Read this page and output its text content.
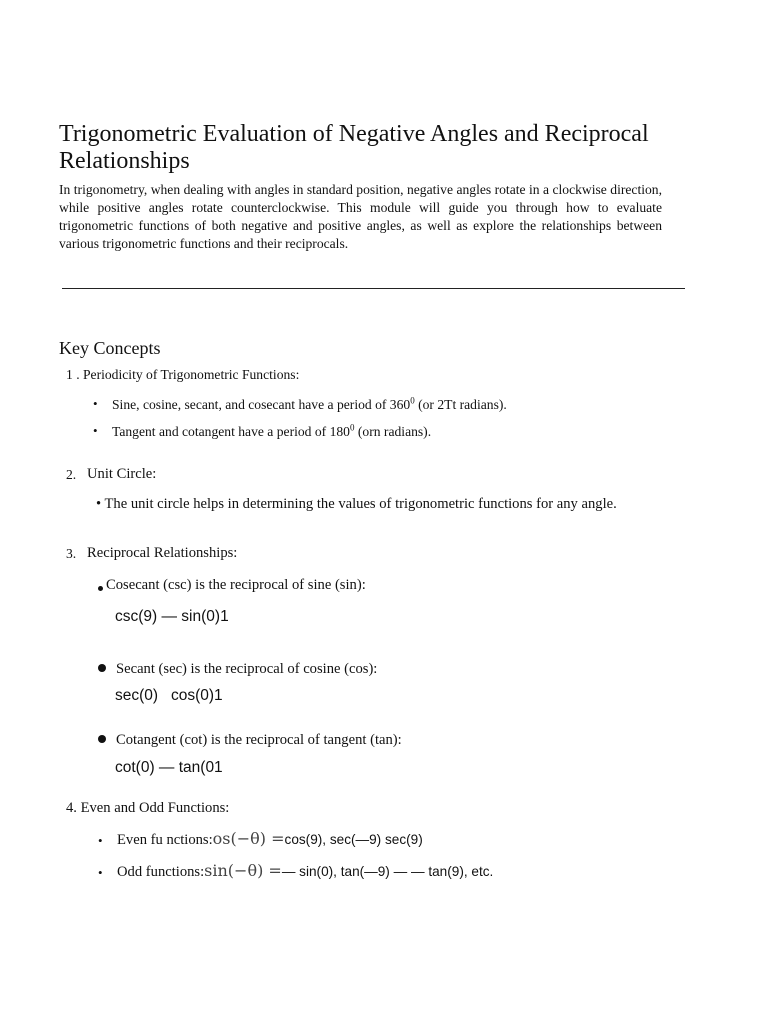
Trigonometric Evaluation of Negative Angles and Reciprocal Relationships

In trigonometry, when dealing with angles in standard position, negative angles rotate in a clockwise direction, while positive angles rotate counterclockwise. This module will guide you through how to evaluate trigonometric functions of both negative and positive angles, as well as explore the relationships between various trigonometric functions and their reciprocals.

Key Concepts
1 . Periodicity of Trigonometric Functions:
• Sine, cosine, secant, and cosecant have a period of $360^0$ (or 2Tt radians).
• Tangent and cotangent have a period of $180^0$ (orn radians).
2. Unit Circle:
• The unit circle helps in determining the values of trigonometric functions for any angle.
3. Reciprocal Relationships:
Cosecant (csc) is the reciprocal of sine (sin):
csc(9) — sin(0)1
Secant (sec) is the reciprocal of cosine (cos):
sec(0)   cos(0)1
Cotangent (cot) is the reciprocal of tangent (tan):
cot(0) — tan(01
4. Even and Odd Functions:
• Even fu nctions:os(−θ) =cos(9), sec(—9) sec(9)
• Odd functions:sin(−θ) =— sin(0), tan(—9) — — tan(9), etc.
